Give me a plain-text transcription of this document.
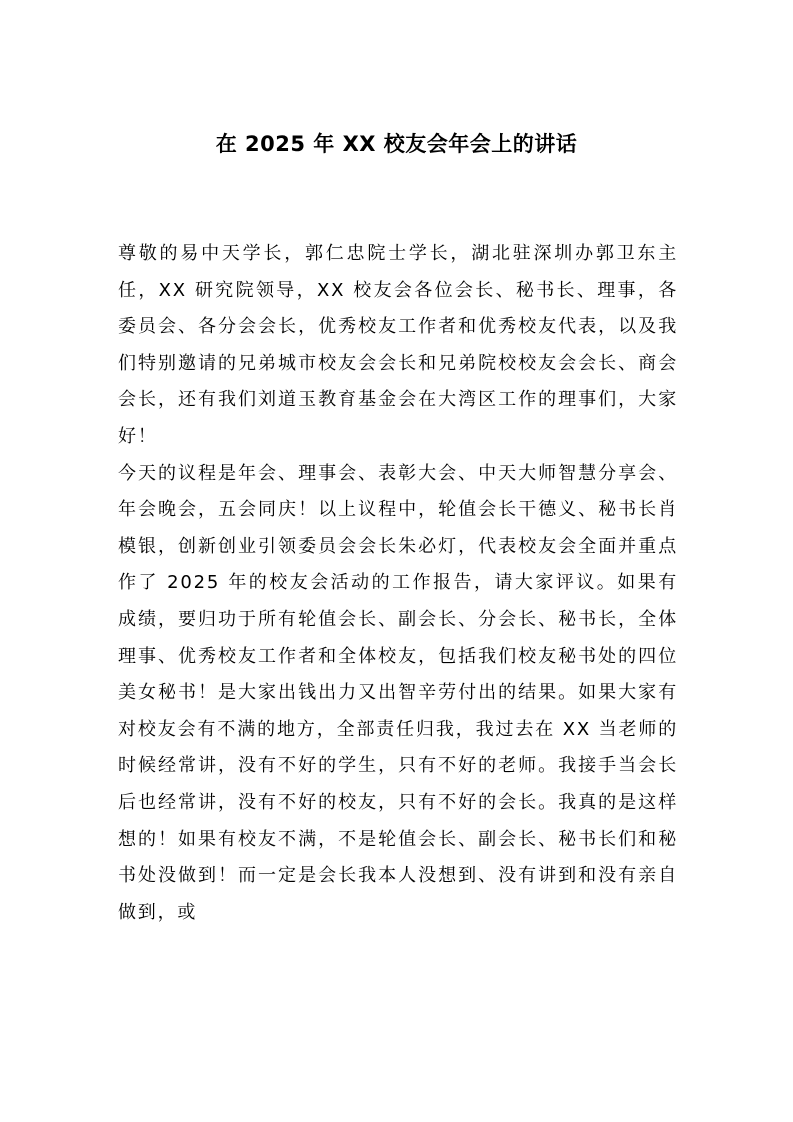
在 2025 年 XX 校友会年会上的讲话

尊敬的易中天学长，郭仁忠院士学长，湖北驻深圳办郭卫东主任，XX 研究院领导，XX 校友会各位会长、秘书长、理事，各委员会、各分会会长，优秀校友工作者和优秀校友代表，以及我们特别邀请的兄弟城市校友会会长和兄弟院校校友会会长、商会会长，还有我们刘道玉教育基金会在大湾区工作的理事们，大家好！

今天的议程是年会、理事会、表彰大会、中天大师智慧分享会、年会晚会，五会同庆！以上议程中，轮值会长干德义、秘书长肖模银，创新创业引领委员会会长朱必灯，代表校友会全面并重点作了 2025 年的校友会活动的工作报告，请大家评议。如果有成绩，要归功于所有轮值会长、副会长、分会长、秘书长，全体理事、优秀校友工作者和全体校友，包括我们校友秘书处的四位美女秘书！是大家出钱出力又出智辛劳付出的结果。如果大家有对校友会有不满的地方，全部责任归我，我过去在 XX 当老师的时候经常讲，没有不好的学生，只有不好的老师。我接手当会长后也经常讲，没有不好的校友，只有不好的会长。我真的是这样想的！如果有校友不满，不是轮值会长、副会长、秘书长们和秘书处没做到！而一定是会长我本人没想到、没有讲到和没有亲自做到，或
